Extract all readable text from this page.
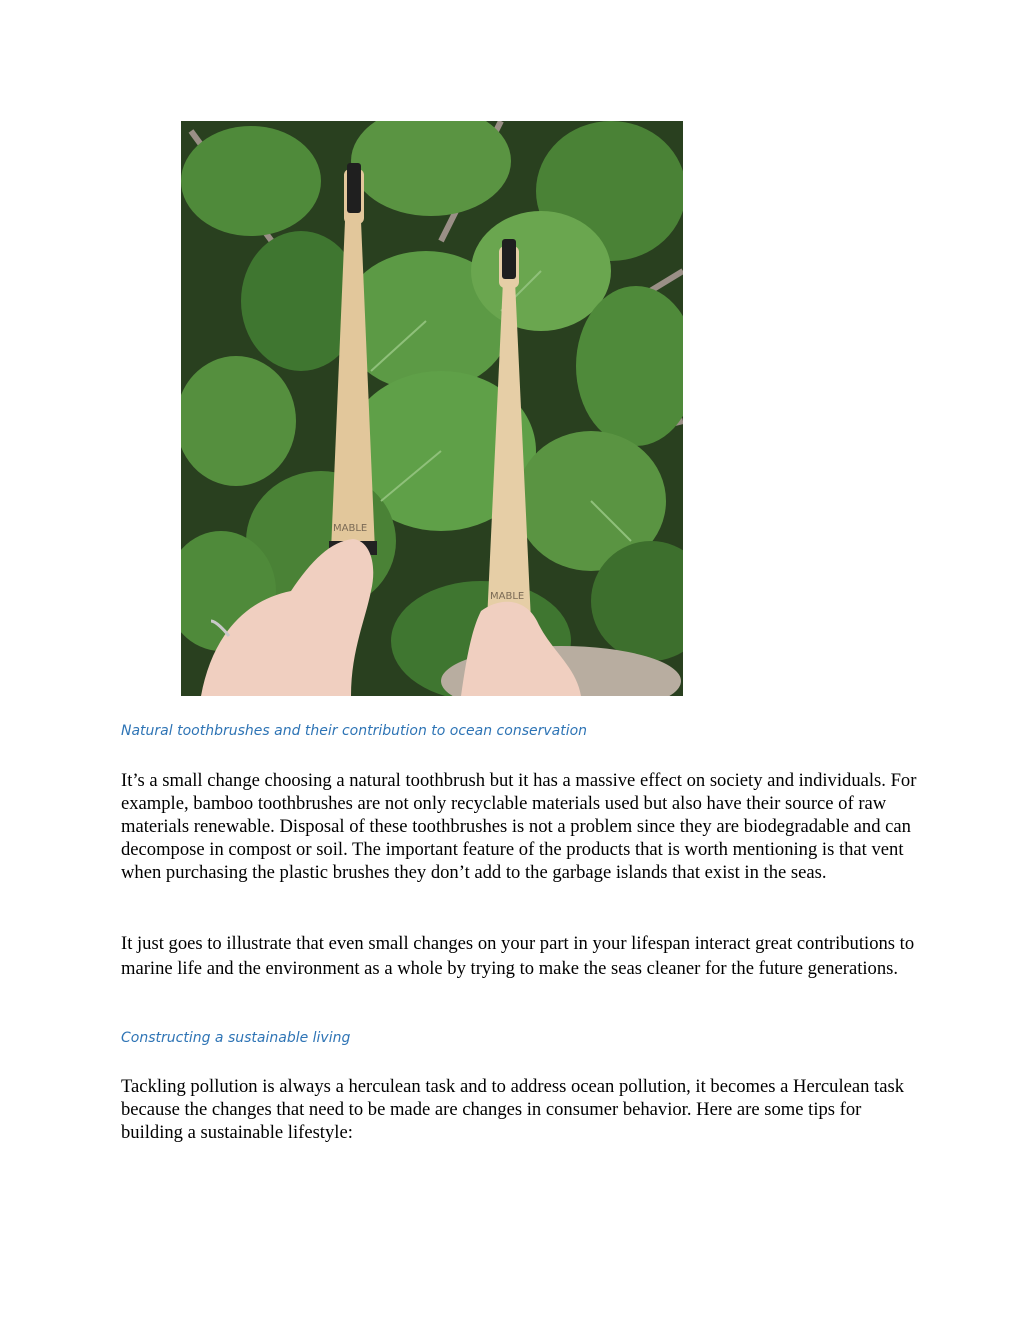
MABLE
MABLE
Natural toothbrushes and their contribution to ocean conservation

It’s a small change choosing a natural toothbrush but it has a massive effect on society and individuals. For example, bamboo toothbrushes are not only recyclable materials used but also have their source of raw materials renewable. Disposal of these toothbrushes is not a problem since they are biodegradable and can decompose in compost or soil. The important feature of the products that is worth mentioning is that vent when purchasing the plastic brushes they don’t add to the garbage islands that exist in the seas.

It just goes to illustrate that even small changes on your part in your lifespan interact great contributions to marine life and the environment as a whole by trying to make the seas cleaner for the future generations.

Constructing a sustainable living

Tackling pollution is always a herculean task and to address ocean pollution, it becomes a Herculean task because the changes that need to be made are changes in consumer behavior. Here are some tips for building a sustainable lifestyle:
